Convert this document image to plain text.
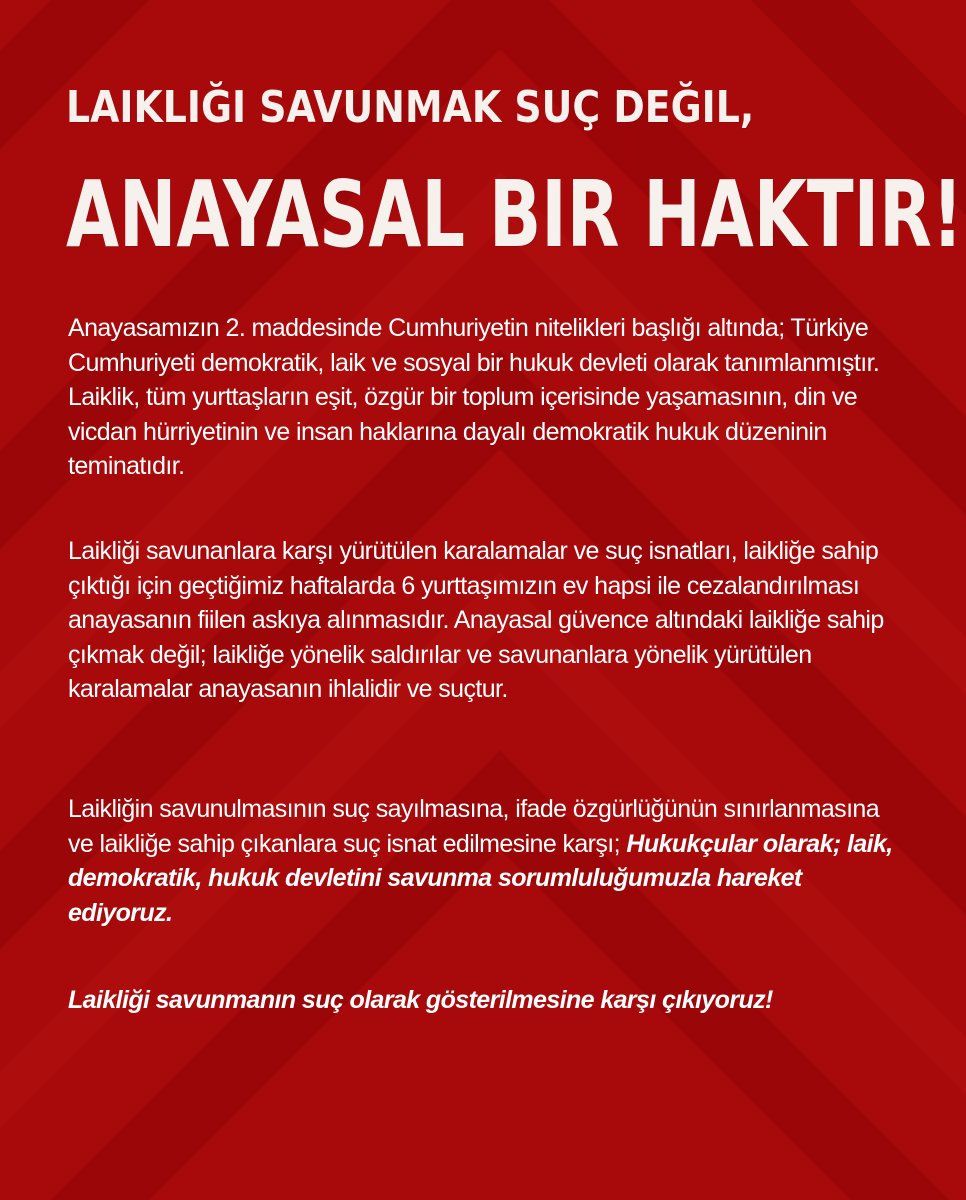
LAIKLIĞI SAVUNMAK SUÇ DEĞIL,
ANAYASAL BIR HAKTIR!

Anayasamızın 2. maddesinde Cumhuriyetin nitelikleri başlığı altında; Türkiye Cumhuriyeti demokratik, laik ve sosyal bir hukuk devleti olarak tanımlanmıştır. Laiklik, tüm yurttaşların eşit, özgür bir toplum içerisinde yaşamasının, din ve vicdan hürriyetinin ve insan haklarına dayalı demokratik hukuk düzeninin teminatıdır.

Laikliği savunanlara karşı yürütülen karalamalar ve suç isnatları, laikliğe sahip çıktığı için geçtiğimiz haftalarda 6 yurttaşımızın ev hapsi ile cezalandırılması anayasanın fiilen askıya alınmasıdır. Anayasal güvence altındaki laikliğe sahip çıkmak değil; laikliğe yönelik saldırılar ve savunanlara yönelik yürütülen karalamalar anayasanın ihlalidir ve suçtur.

Laikliğin savunulmasının suç sayılmasına, ifade özgürlüğünün sınırlanmasına ve laikliğe sahip çıkanlara suç isnat edilmesine karşı; Hukukçular olarak; laik, demokratik, hukuk devletini savunma sorumluluğumuzla hareket ediyoruz.

Laikliği savunmanın suç olarak gösterilmesine karşı çıkıyoruz!
